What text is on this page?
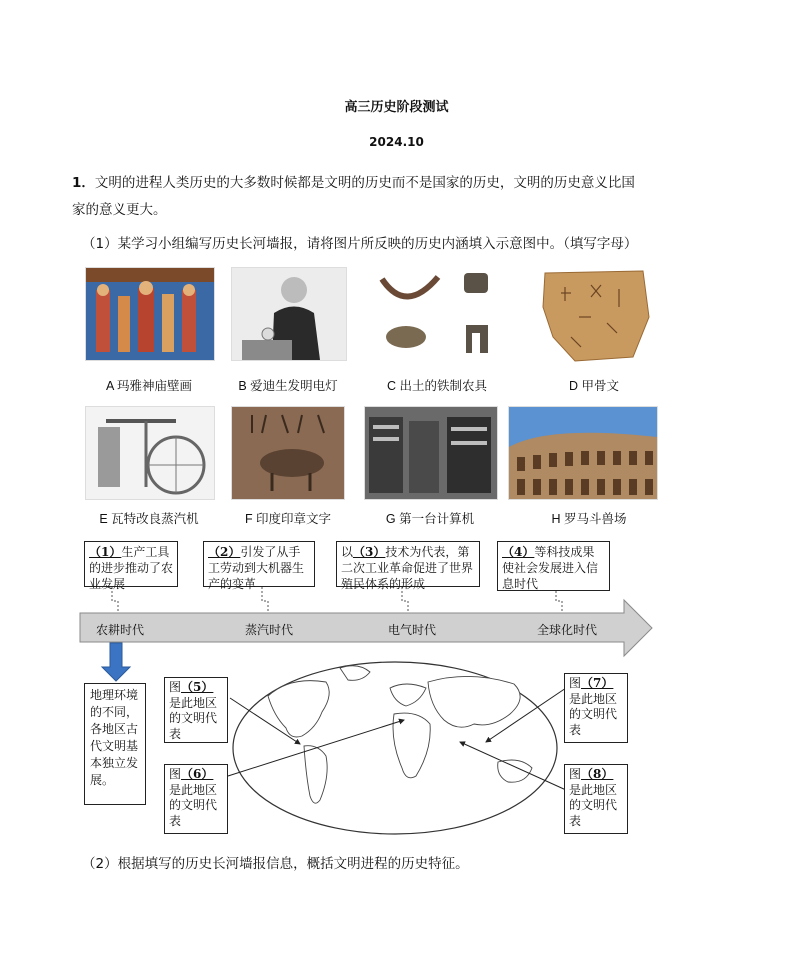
高三历史阶段测试
2024.10
1．文明的进程人类历史的大多数时候都是文明的历史而不是国家的历史，文明的历史意义比国
家的意义更大。
（1）某学习小组编写历史长河墙报，请将图片所反映的历史内涵填入示意图中。（填写字母）
A 玛雅神庙壁画	B 爱迪生发明电灯	C 出土的铁制农具	D 甲骨文
E 瓦特改良蒸汽机	F 印度印章文字	G 第一台计算机	H 罗马斗兽场
（1）生产工具的进步推动了农业发展
（2）引发了从手工劳动到大机器生产的变革
以（3）技术为代表，第二次工业革命促进了世界殖民体系的形成
（4）等科技成果使社会发展进入信息时代
农耕时代	蒸汽时代	电气时代	全球化时代
地理环境的不同，各地区古代文明基本独立发展。
图（5）是此地区的文明代表
图（6）是此地区的文明代表
图（7）是此地区的文明代表
图（8）是此地区的文明代表
（2）根据填写的历史长河墙报信息，概括文明进程的历史特征。
